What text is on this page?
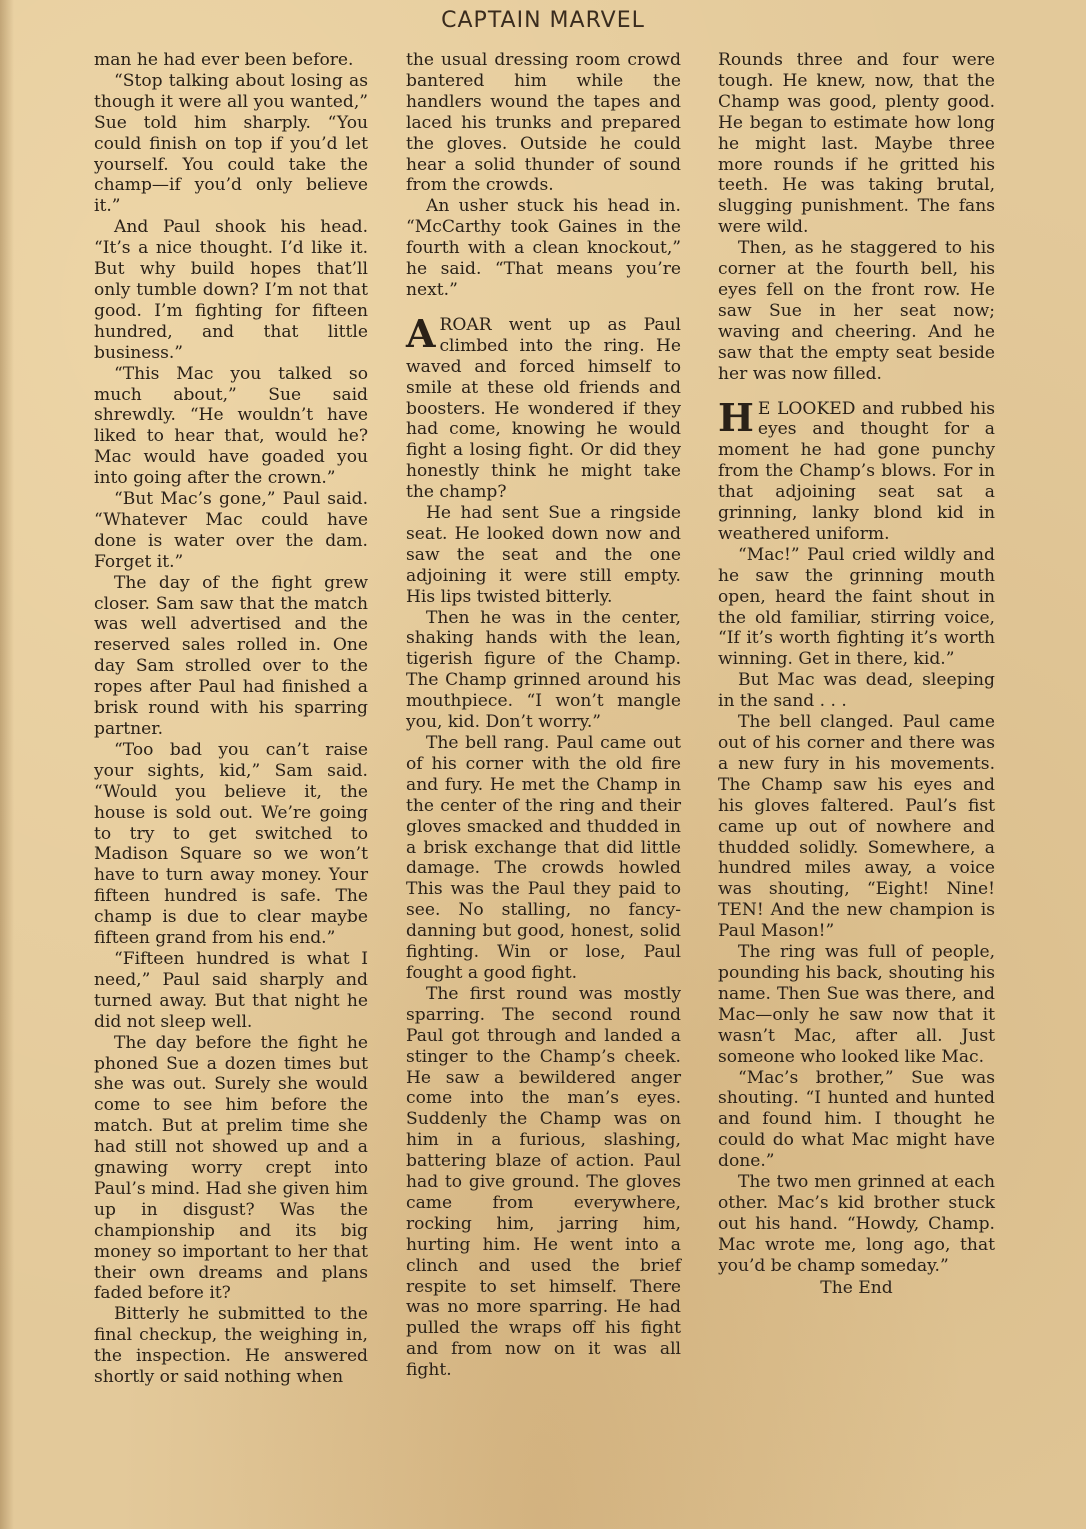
CAPTAIN MARVEL

man he had ever been before.

“Stop talking about losing as though it were all you wanted,” Sue told him sharply. “You could finish on top if you’d let yourself. You could take the champ—if you’d only believe it.”

And Paul shook his head. “It’s a nice thought. I’d like it. But why build hopes that’ll only tumble down? I’m not that good. I’m fighting for fifteen hundred, and that little business.”

“This Mac you talked so much about,” Sue said shrewdly. “He wouldn’t have liked to hear that, would he? Mac would have goaded you into going after the crown.”

“But Mac’s gone,” Paul said. “Whatever Mac could have done is water over the dam. Forget it.”

The day of the fight grew closer. Sam saw that the match was well advertised and the reserved sales rolled in. One day Sam strolled over to the ropes after Paul had finished a brisk round with his sparring partner.

“Too bad you can’t raise your sights, kid,” Sam said. “Would you believe it, the house is sold out. We’re going to try to get switched to Madison Square so we won’t have to turn away money. Your fifteen hundred is safe. The champ is due to clear maybe fifteen grand from his end.”

“Fifteen hundred is what I need,” Paul said sharply and turned away. But that night he did not sleep well.

The day before the fight he phoned Sue a dozen times but she was out. Surely she would come to see him before the match. But at prelim time she had still not showed up and a gnawing worry crept into Paul’s mind. Had she given him up in disgust? Was the championship and its big money so important to her that their own dreams and plans faded before it?

Bitterly he submitted to the final checkup, the weighing in, the inspection. He answered shortly or said nothing when

the usual dressing room crowd bantered him while the handlers wound the tapes and laced his trunks and prepared the gloves. Outside he could hear a solid thunder of sound from the crowds.

An usher stuck his head in. “McCarthy took Gaines in the fourth with a clean knockout,” he said. “That means you’re next.”

AROAR went up as Paul climbed into the ring. He waved and forced himself to smile at these old friends and boosters. He wondered if they had come, knowing he would fight a losing fight. Or did they honestly think he might take the champ?

He had sent Sue a ringside seat. He looked down now and saw the seat and the one adjoining it were still empty. His lips twisted bitterly.

Then he was in the center, shaking hands with the lean, tigerish figure of the Champ. The Champ grinned around his mouthpiece. “I won’t mangle you, kid. Don’t worry.”

The bell rang. Paul came out of his corner with the old fire and fury. He met the Champ in the center of the ring and their gloves smacked and thudded in a brisk exchange that did little damage. The crowds howled This was the Paul they paid to see. No stalling, no fancy-danning but good, honest, solid fighting. Win or lose, Paul fought a good fight.

The first round was mostly sparring. The second round Paul got through and landed a stinger to the Champ’s cheek. He saw a bewildered anger come into the man’s eyes. Suddenly the Champ was on him in a furious, slashing, battering blaze of action. Paul had to give ground. The gloves came from everywhere, rocking him, jarring him, hurting him. He went into a clinch and used the brief respite to set himself. There was no more sparring. He had pulled the wraps off his fight and from now on it was all fight.

Rounds three and four were tough. He knew, now, that the Champ was good, plenty good. He began to estimate how long he might last. Maybe three more rounds if he gritted his teeth. He was taking brutal, slugging punishment. The fans were wild.

Then, as he staggered to his corner at the fourth bell, his eyes fell on the front row. He saw Sue in her seat now; waving and cheering. And he saw that the empty seat beside her was now filled.

H E LOOKED and rubbed his eyes and thought for a moment he had gone punchy from the Champ’s blows. For in that adjoining seat sat a grinning, lanky blond kid in weathered uniform.

“Mac!” Paul cried wildly and he saw the grinning mouth open, heard the faint shout in the old familiar, stirring voice, “If it’s worth fighting it’s worth winning. Get in there, kid.”

But Mac was dead, sleeping in the sand . . .

The bell clanged. Paul came out of his corner and there was a new fury in his movements. The Champ saw his eyes and his gloves faltered. Paul’s fist came up out of nowhere and thudded solidly. Somewhere, a hundred miles away, a voice was shouting, “Eight! Nine! TEN! And the new champion is Paul Mason!”

The ring was full of people, pounding his back, shouting his name. Then Sue was there, and Mac—only he saw now that it wasn’t Mac, after all. Just someone who looked like Mac.

“Mac’s brother,” Sue was shouting. “I hunted and hunted and found him. I thought he could do what Mac might have done.”

The two men grinned at each other. Mac’s kid brother stuck out his hand. “Howdy, Champ. Mac wrote me, long ago, that you’d be champ someday.”

The End
